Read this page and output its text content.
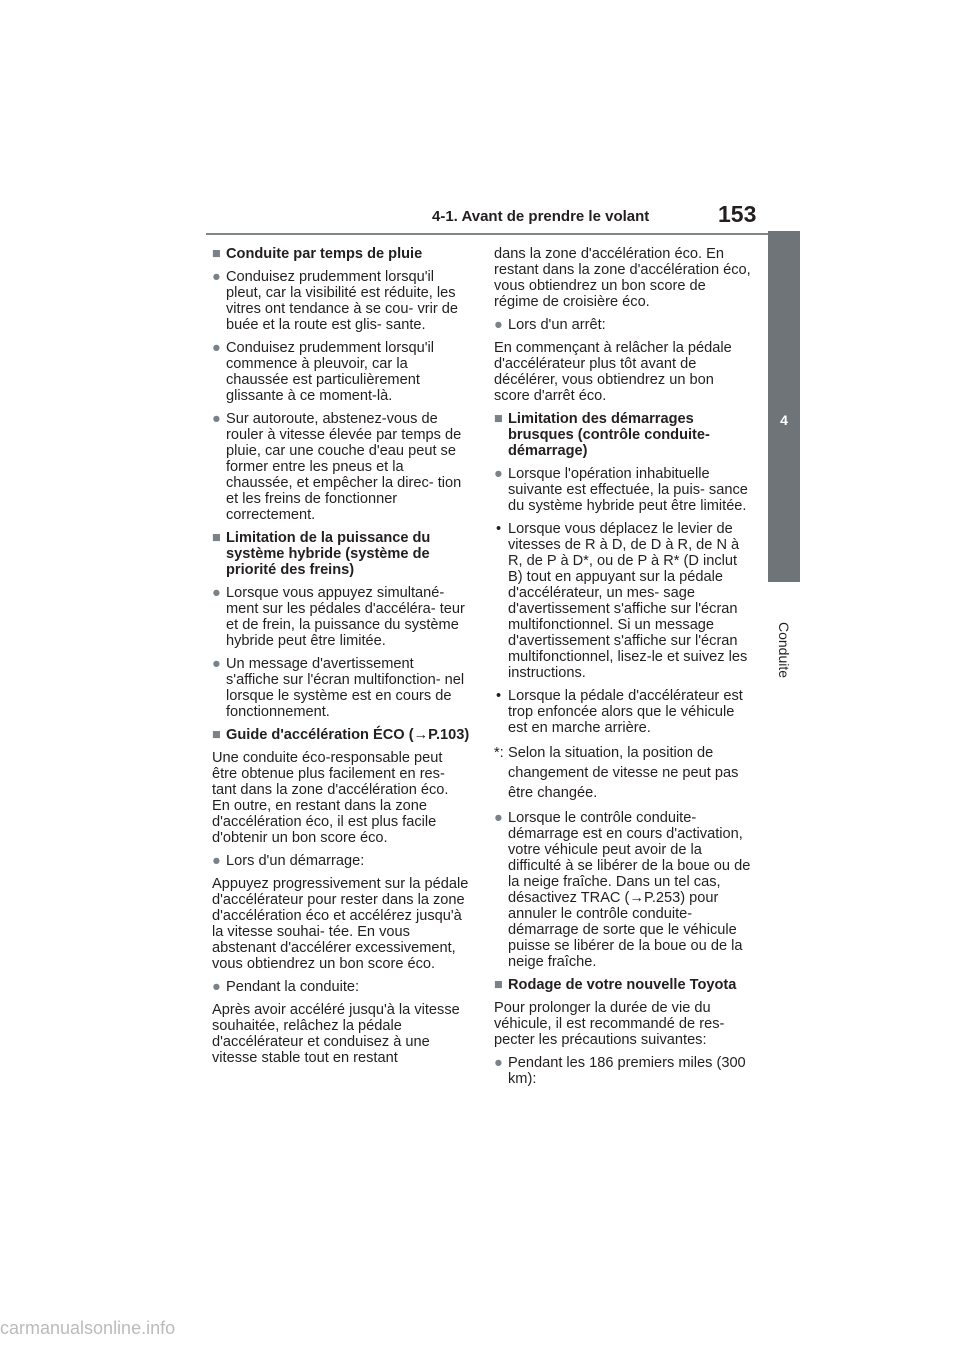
4-1. Avant de prendre le volant	153
4
Conduite

■ Conduite par temps de pluie

● Conduisez prudemment lorsqu'il pleut, car la visibilité est réduite, les vitres ont tendance à se cou- vrir de buée et la route est glis- sante.

● Conduisez prudemment lorsqu'il commence à pleuvoir, car la chaussée est particulièrement glissante à ce moment-là.

● Sur autoroute, abstenez-vous de rouler à vitesse élevée par temps de pluie, car une couche d'eau peut se former entre les pneus et la chaussée, et empêcher la direc- tion et les freins de fonctionner correctement.

■ Limitation de la puissance du système hybride (système de priorité des freins)

● Lorsque vous appuyez simultané- ment sur les pédales d'accéléra- teur et de frein, la puissance du système hybride peut être limitée.

● Un message d'avertissement s'affiche sur l'écran multifonction- nel lorsque le système est en cours de fonctionnement.

■ Guide d'accélération ÉCO (→P.103)

Une conduite éco-responsable peut être obtenue plus facilement en res- tant dans la zone d'accélération éco. En outre, en restant dans la zone d'accélération éco, il est plus facile d'obtenir un bon score éco.

● Lors d'un démarrage:

Appuyez progressivement sur la pédale d'accélérateur pour rester dans la zone d'accélération éco et accélérez jusqu'à la vitesse souhai- tée. En vous abstenant d'accélérer excessivement, vous obtiendrez un bon score éco.

● Pendant la conduite:

Après avoir accéléré jusqu'à la vitesse souhaitée, relâchez la pédale d'accélérateur et conduisez à une vitesse stable tout en restant

dans la zone d'accélération éco. En restant dans la zone d'accélération éco, vous obtiendrez un bon score de régime de croisière éco.

● Lors d'un arrêt:

En commençant à relâcher la pédale d'accélérateur plus tôt avant de décélérer, vous obtiendrez un bon score d'arrêt éco.

■ Limitation des démarrages brusques (contrôle conduite-démarrage)

● Lorsque l'opération inhabituelle suivante est effectuée, la puis- sance du système hybride peut être limitée.

• Lorsque vous déplacez le levier de vitesses de R à D, de D à R, de N à R, de P à D*, ou de P à R* (D inclut B) tout en appuyant sur la pédale d'accélérateur, un mes- sage d'avertissement s'affiche sur l'écran multifonctionnel. Si un message d'avertissement s'affiche sur l'écran multifonctionnel, lisez-le et suivez les instructions.

• Lorsque la pédale d'accélérateur est trop enfoncée alors que le véhicule est en marche arrière.

*: Selon la situation, la position de changement de vitesse ne peut pas être changée.

● Lorsque le contrôle conduite-démarrage est en cours d'activation, votre véhicule peut avoir de la difficulté à se libérer de la boue ou de la neige fraîche. Dans un tel cas, désactivez TRAC (→P.253) pour annuler le contrôle conduite-démarrage de sorte que le véhicule puisse se libérer de la boue ou de la neige fraîche.

■ Rodage de votre nouvelle Toyota

Pour prolonger la durée de vie du véhicule, il est recommandé de res- pecter les précautions suivantes:

● Pendant les 186 premiers miles (300 km):

carmanualsonline.info
